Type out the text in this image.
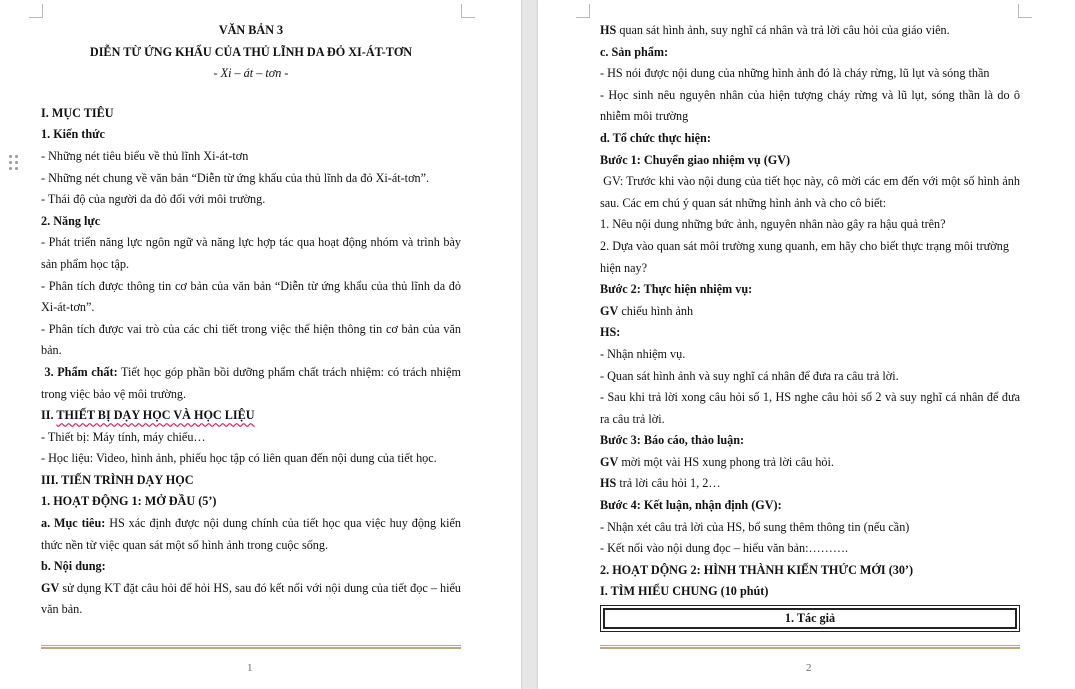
VĂN BẢN 3
DIỄN TỪ ỨNG KHẨU CỦA THỦ LĨNH DA ĐỎ XI-ÁT-TƠN
- Xi – át – tơn -
I. MỤC TIÊU
1. Kiến thức
- Những nét tiêu biểu về thủ lĩnh Xi-át-tơn
- Những nét chung về văn bản “Diễn từ ứng khẩu của thủ lĩnh da đỏ Xi-át-tơn”.
- Thái độ của người da đỏ đối với môi trường.
2. Năng lực
- Phát triển năng lực ngôn ngữ và năng lực hợp tác qua hoạt động nhóm và trình bày sản phẩm học tập.
- Phân tích được thông tin cơ bản của văn bản “Diễn từ ứng khẩu của thủ lĩnh da đỏ Xi-át-tơn”.
- Phân tích được vai trò của các chi tiết trong việc thể hiện thông tin cơ bản của văn bản.
3. Phẩm chất: Tiết học góp phần bồi dưỡng phẩm chất trách nhiệm: có trách nhiệm trong việc bảo vệ môi trường.
II. THIẾT BỊ DẠY HỌC VÀ HỌC LIỆU
- Thiết bị: Máy tính, máy chiếu…
- Học liệu: Video, hình ảnh, phiếu học tập có liên quan đến nội dung của tiết học.
III. TIẾN TRÌNH DẠY HỌC
1. HOẠT ĐỘNG 1: MỞ ĐẦU (5’)
a. Mục tiêu: HS xác định được nội dung chính của tiết học qua việc huy động kiến thức nền từ việc quan sát một số hình ảnh trong cuộc sống.
b. Nội dung:
GV sử dụng KT đặt câu hỏi để hỏi HS, sau đó kết nối với nội dung của tiết đọc – hiểu văn bản.
1	2
HS quan sát hình ảnh, suy nghĩ cá nhân và trả lời câu hỏi của giáo viên.
c. Sản phẩm:
- HS nói được nội dung của những hình ảnh đó là cháy rừng, lũ lụt và sóng thần
- Học sinh nêu nguyên nhân của hiện tượng cháy rừng và lũ lụt, sóng thần là do ô nhiễm môi trường
d. Tổ chức thực hiện:
Bước 1: Chuyển giao nhiệm vụ (GV)
GV: Trước khi vào nội dung của tiết học này, cô mời các em đến với một số hình ảnh sau. Các em chú ý quan sát những hình ảnh và cho cô biết:
1. Nêu nội dung những bức ảnh, nguyên nhân nào gây ra hậu quả trên?
2. Dựa vào quan sát môi trường xung quanh, em hãy cho biết thực trạng môi trường hiện nay?
Bước 2: Thực hiện nhiệm vụ:
GV chiếu hình ảnh
HS:
- Nhận nhiệm vụ.
- Quan sát hình ảnh và suy nghĩ cá nhân để đưa ra câu trả lời.
- Sau khi trả lời xong câu hỏi số 1, HS nghe câu hỏi số 2 và suy nghĩ cá nhân để đưa ra câu trả lời.
Bước 3: Báo cáo, thảo luận:
GV mời một vài HS xung phong trả lời câu hỏi.
HS trả lời câu hỏi 1, 2…
Bước 4: Kết luận, nhận định (GV):
- Nhận xét câu trả lời của HS, bổ sung thêm thông tin (nếu cần)
- Kết nối vào nội dung đọc – hiểu văn bản:……….
2. HOẠT DỘNG 2: HÌNH THÀNH KIẾN THỨC MỚI (30’)
I. TÌM HIỂU CHUNG (10 phút)
1. Tác giả
